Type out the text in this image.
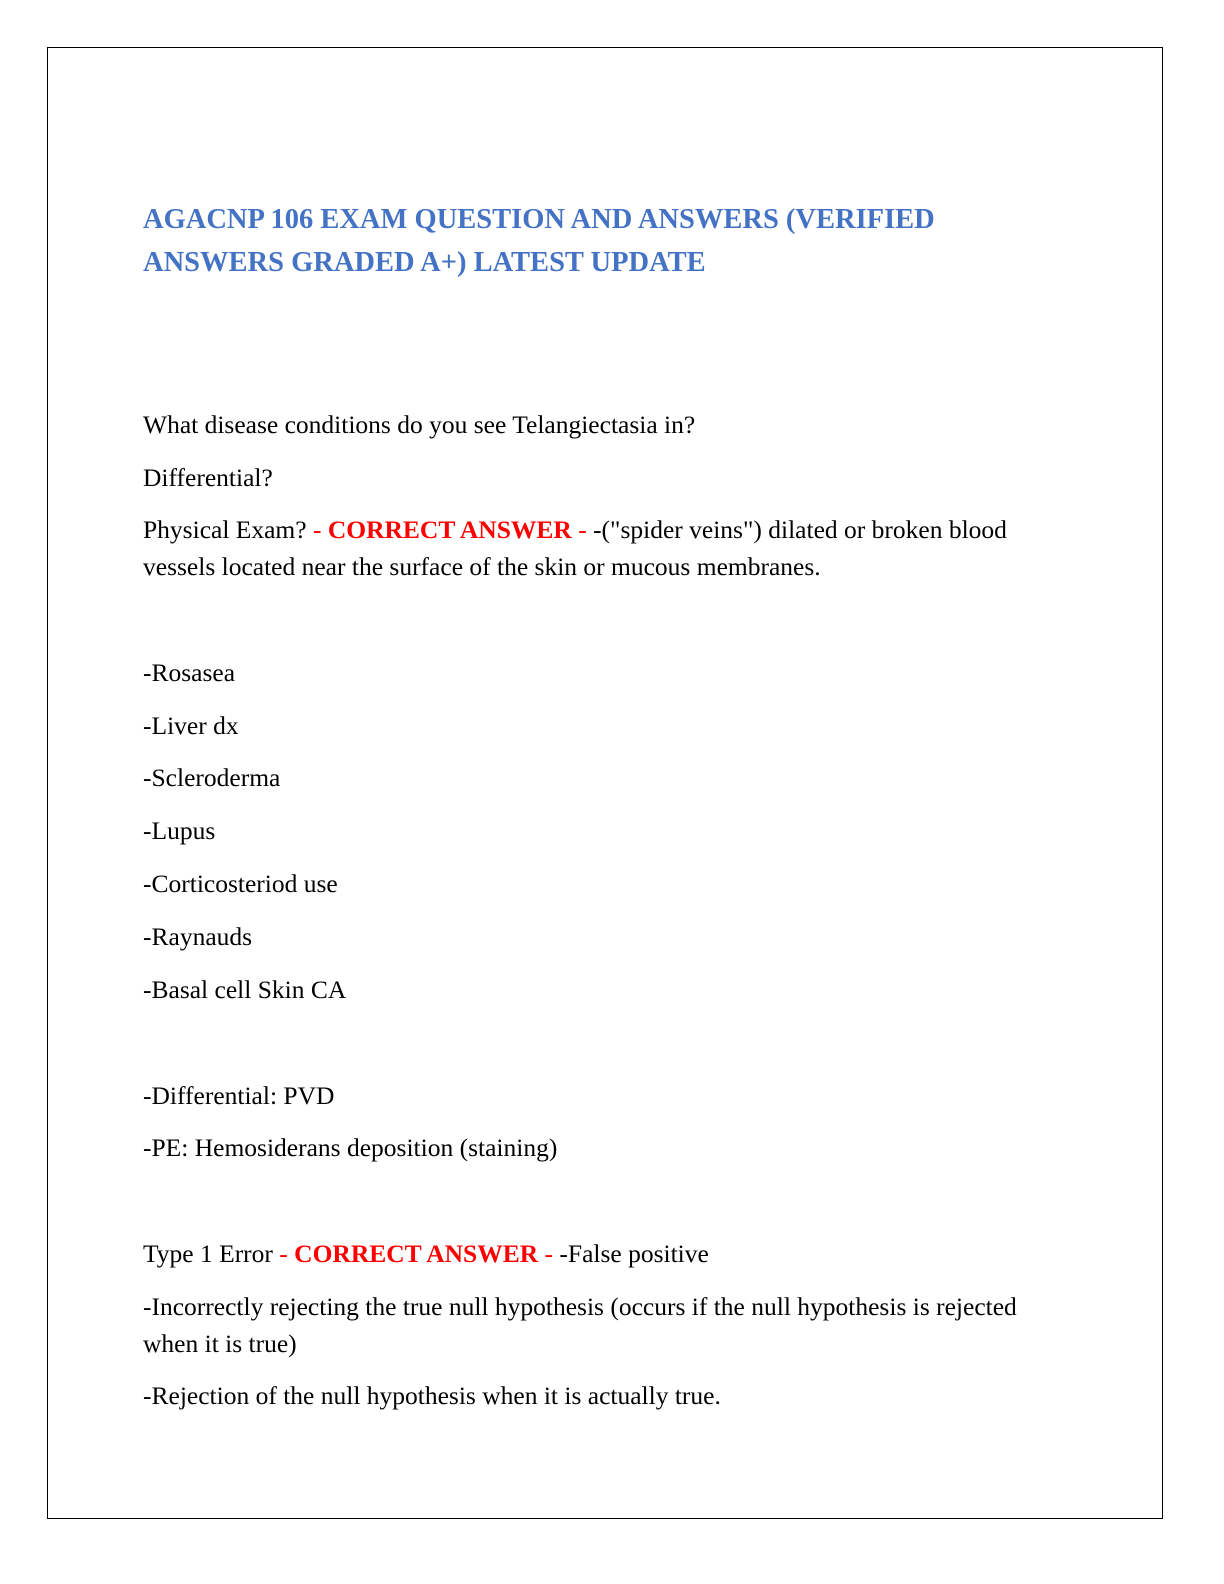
AGACNP 106 EXAM QUESTION AND ANSWERS (VERIFIED ANSWERS GRADED A+) LATEST UPDATE

What disease conditions do you see Telangiectasia in?

Differential?

Physical Exam? - CORRECT ANSWER - -("spider veins") dilated or broken blood vessels located near the surface of the skin or mucous membranes.

-Rosasea

-Liver dx

-Scleroderma

-Lupus

-Corticosteriod use

-Raynauds

-Basal cell Skin CA

-Differential: PVD

-PE: Hemosiderans deposition (staining)

Type 1 Error - CORRECT ANSWER - -False positive

-Incorrectly rejecting the true null hypothesis (occurs if the null hypothesis is rejected when it is true)

-Rejection of the null hypothesis when it is actually true.
